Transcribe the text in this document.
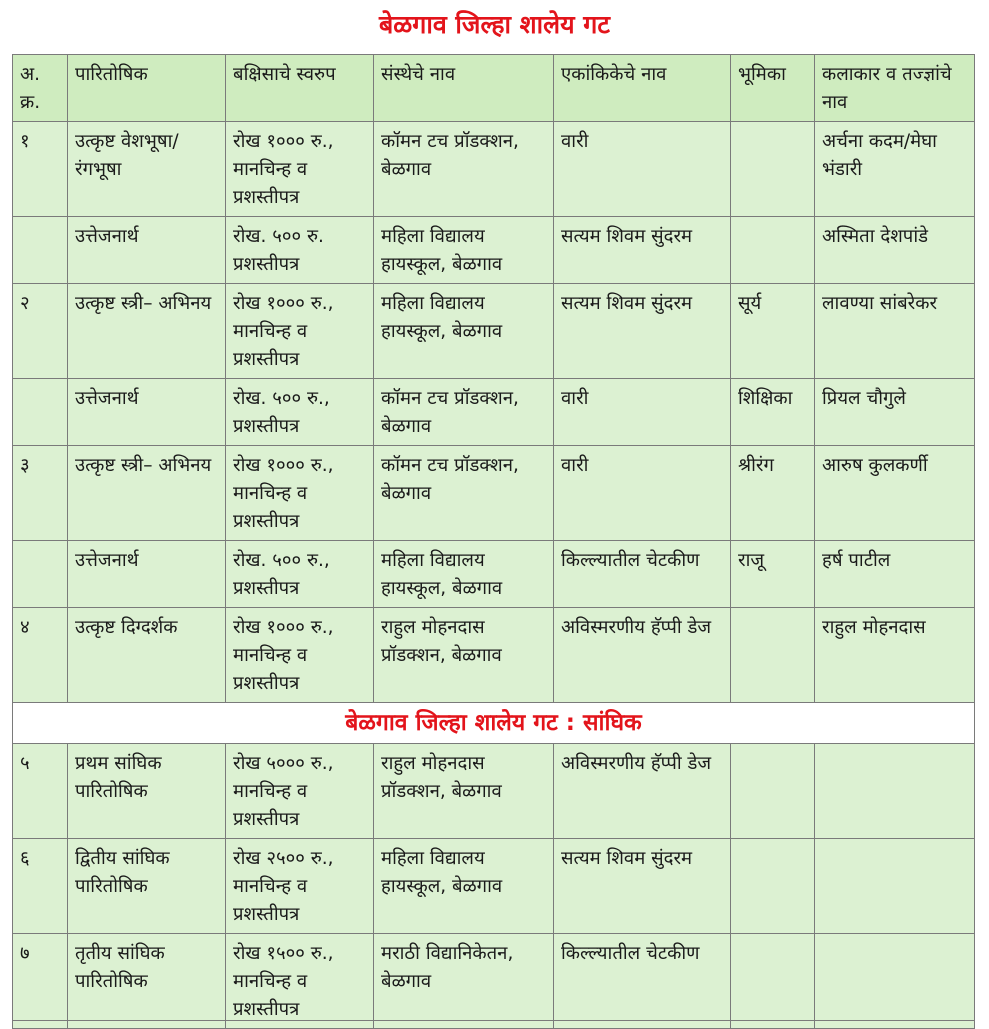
बेळगाव जिल्हा शालेय गट
अ. क्र.	पारितोषिक	बक्षिसाचे स्वरुप	संस्थेचे नाव	एकांकिकेचे नाव	भूमिका	कलाकार व तज्ज्ञांचे नाव
१	उत्कृष्ट वेशभूषा/ रंगभूषा	रोख १००० रु., मानचिन्ह व प्रशस्तीपत्र	कॉमन टच प्रॉडक्शन, बेळगाव	वारी		अर्चना कदम/मेघा भंडारी
	उत्तेजनार्थ	रोख. ५०० रु. प्रशस्तीपत्र	महिला विद्यालय हायस्कूल, बेळगाव	सत्यम शिवम सुंदरम		अस्मिता देशपांडे
२	उत्कृष्ट स्त्री– अभिनय	रोख १००० रु., मानचिन्ह व प्रशस्तीपत्र	महिला विद्यालय हायस्कूल, बेळगाव	सत्यम शिवम सुंदरम	सूर्य	लावण्या सांबरेकर
	उत्तेजनार्थ	रोख. ५०० रु., प्रशस्तीपत्र	कॉमन टच प्रॉडक्शन, बेळगाव	वारी	शिक्षिका	प्रियल चौगुले
३	उत्कृष्ट स्त्री– अभिनय	रोख १००० रु., मानचिन्ह व प्रशस्तीपत्र	कॉमन टच प्रॉडक्शन, बेळगाव	वारी	श्रीरंग	आरुष कुलकर्णी
	उत्तेजनार्थ	रोख. ५०० रु., प्रशस्तीपत्र	महिला विद्यालय हायस्कूल, बेळगाव	किल्ल्यातील चेटकीण	राजू	हर्ष पाटील
४	उत्कृष्ट दिग्दर्शक	रोख १००० रु., मानचिन्ह व प्रशस्तीपत्र	राहुल मोहनदास प्रॉडक्शन, बेळगाव	अविस्मरणीय हॅप्पी डेज		राहुल मोहनदास
बेळगाव जिल्हा शालेय गट : सांघिक						
५	प्रथम सांघिक पारितोषिक	रोख ५००० रु., मानचिन्ह व प्रशस्तीपत्र	राहुल मोहनदास प्रॉडक्शन, बेळगाव	अविस्मरणीय हॅप्पी डेज		
६	द्वितीय सांघिक पारितोषिक	रोख २५०० रु., मानचिन्ह व प्रशस्तीपत्र	महिला विद्यालय हायस्कूल, बेळगाव	सत्यम शिवम सुंदरम		
७	तृतीय सांघिक पारितोषिक	रोख १५०० रु., मानचिन्ह व प्रशस्तीपत्र	मराठी विद्यानिकेतन, बेळगाव	किल्ल्यातील चेटकीण		
